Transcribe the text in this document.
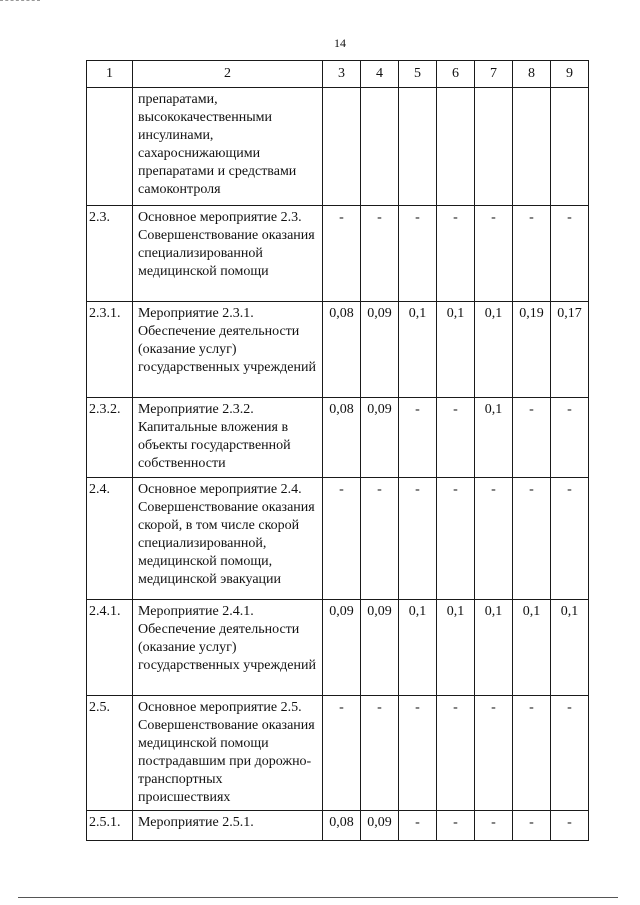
14
1	2	3	4	5	6	7	8	9
	препаратами, высококачественными инсулинами, сахароснижающими препаратами и средствами самоконтроля							
2.3.	Основное мероприятие 2.3. Совершенствование оказания специализированной медицинской помощи	-	-	-	-	-	-	-
2.3.1.	Мероприятие 2.3.1. Обеспечение деятельности (оказание услуг) государственных учреждений	0,08	0,09	0,1	0,1	0,1	0,19	0,17
2.3.2.	Мероприятие 2.3.2. Капитальные вложения в объекты государственной собственности	0,08	0,09	-	-	0,1	-	-
2.4.	Основное мероприятие 2.4. Совершенствование оказания скорой, в том числе скорой специализированной, медицинской помощи, медицинской эвакуации	-	-	-	-	-	-	-
2.4.1.	Мероприятие 2.4.1. Обеспечение деятельности (оказание услуг) государственных учреждений	0,09	0,09	0,1	0,1	0,1	0,1	0,1
2.5.	Основное мероприятие 2.5. Совершенствование оказания медицинской помощи пострадавшим при дорожно-транспортных происшествиях	-	-	-	-	-	-	-
2.5.1.	Мероприятие 2.5.1.	0,08	0,09	-	-	-	-	-
